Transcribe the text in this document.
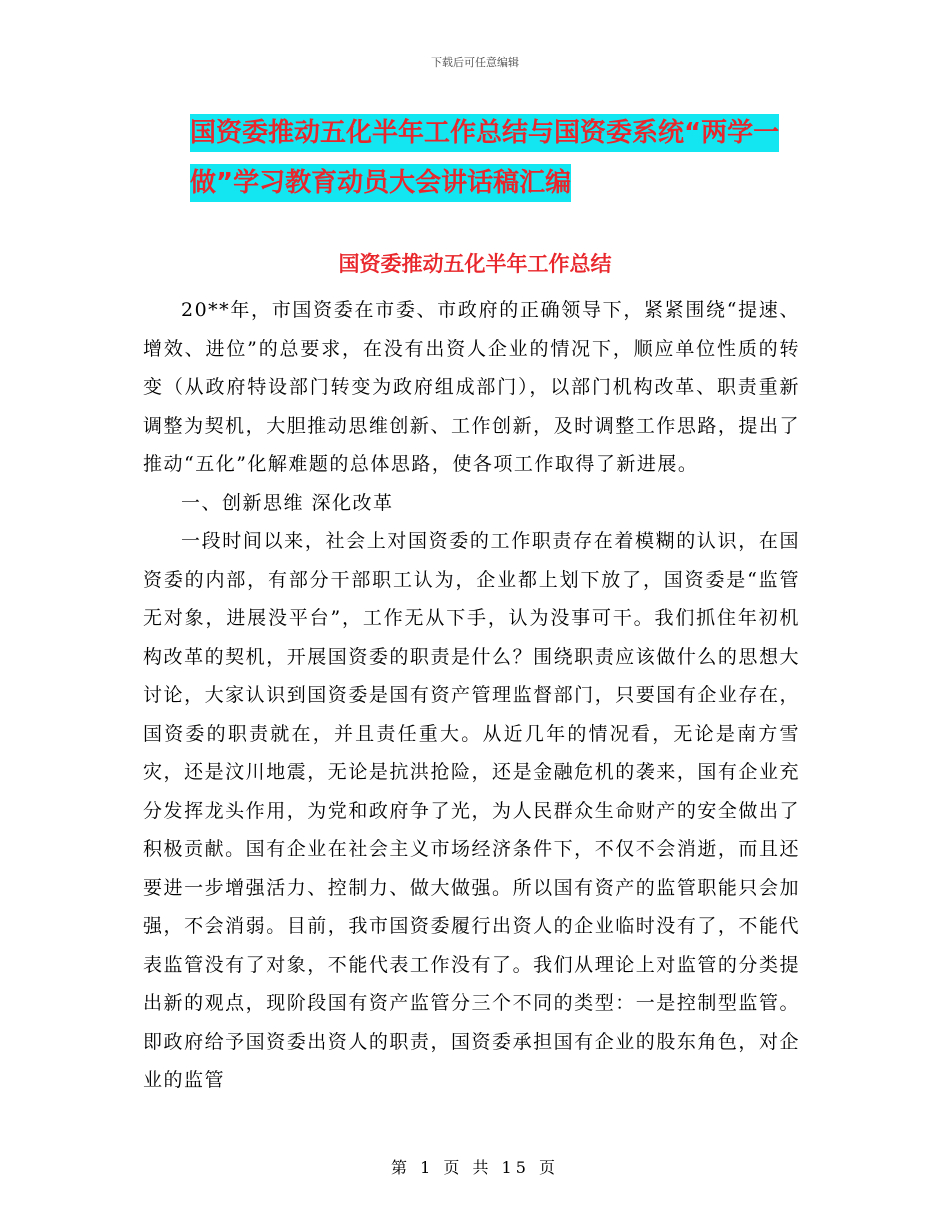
下载后可任意编辑
国资委推动五化半年工作总结与国资委系统“两学一
做”学习教育动员大会讲话稿汇编
国资委推动五化半年工作总结

20**年，市国资委在市委、市政府的正确领导下，紧紧围绕“提速、增效、进位”的总要求，在没有出资人企业的情况下，顺应单位性质的转变（从政府特设部门转变为政府组成部门），以部门机构改革、职责重新调整为契机，大胆推动思维创新、工作创新，及时调整工作思路，提出了推动“五化”化解难题的总体思路，使各项工作取得了新进展。

一、创新思维 深化改革

一段时间以来，社会上对国资委的工作职责存在着模糊的认识，在国资委的内部，有部分干部职工认为，企业都上划下放了，国资委是“监管无对象，进展没平台”，工作无从下手，认为没事可干。我们抓住年初机构改革的契机，开展国资委的职责是什么？围绕职责应该做什么的思想大讨论，大家认识到国资委是国有资产管理监督部门，只要国有企业存在，国资委的职责就在，并且责任重大。从近几年的情况看，无论是南方雪灾，还是汶川地震，无论是抗洪抢险，还是金融危机的袭来，国有企业充分发挥龙头作用，为党和政府争了光，为人民群众生命财产的安全做出了积极贡献。国有企业在社会主义市场经济条件下，不仅不会消逝，而且还要进一步增强活力、控制力、做大做强。所以国有资产的监管职能只会加强，不会消弱。目前，我市国资委履行出资人的企业临时没有了，不能代表监管没有了对象，不能代表工作没有了。我们从理论上对监管的分类提出新的观点，现阶段国有资产监管分三个不同的类型：一是控制型监管。即政府给予国资委出资人的职责，国资委承担国有企业的股东角色，对企业的监管

第 1 页 共 15 页
